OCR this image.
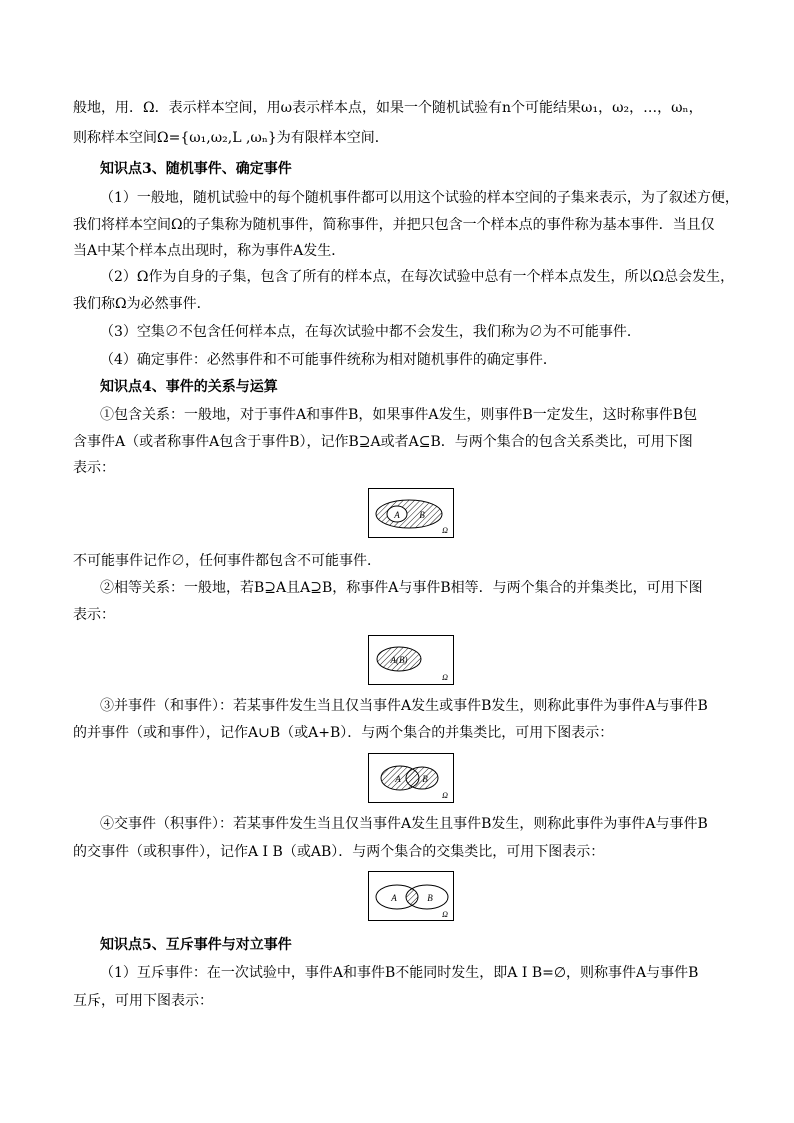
般地，用．Ω．表示样本空间，用ω表示样本点，如果一个随机试验有n个可能结果ω₁，ω₂，…，ωₙ，
则称样本空间Ω={ω₁,ω₂,L ,ωₙ}为有限样本空间．
知识点3、随机事件、确定事件
（1）一般地，随机试验中的每个随机事件都可以用这个试验的样本空间的子集来表示，为了叙述方便，
我们将样本空间Ω的子集称为随机事件，简称事件，并把只包含一个样本点的事件称为基本事件．当且仅
当A中某个样本点出现时，称为事件A发生．
（2）Ω作为自身的子集，包含了所有的样本点，在每次试验中总有一个样本点发生，所以Ω总会发生，
我们称Ω为必然事件．
（3）空集∅不包含任何样本点，在每次试验中都不会发生，我们称为∅为不可能事件．
（4）确定事件：必然事件和不可能事件统称为相对随机事件的确定事件．
知识点4、事件的关系与运算
①包含关系：一般地，对于事件A和事件B，如果事件A发生，则事件B一定发生，这时称事件B包
含事件A（或者称事件A包含于事件B），记作B⊇A或者A⊆B．与两个集合的包含关系类比，可用下图
表示：
A B
Ω
不可能事件记作∅，任何事件都包含不可能事件．
②相等关系：一般地，若B⊇A且A⊇B，称事件A与事件B相等．与两个集合的并集类比，可用下图
表示：
A(B)
Ω
③并事件（和事件）：若某事件发生当且仅当事件A发生或事件B发生，则称此事件为事件A与事件B
的并事件（或和事件），记作A∪B（或A+B）．与两个集合的并集类比，可用下图表示：
A B
Ω
④交事件（积事件）：若某事件发生当且仅当事件A发生且事件B发生，则称此事件为事件A与事件B
的交事件（或积事件），记作A I B（或AB）．与两个集合的交集类比，可用下图表示：
A	B
Ω
知识点5、互斥事件与对立事件
（1）互斥事件：在一次试验中，事件A和事件B不能同时发生，即A I B=∅，则称事件A与事件B
互斥，可用下图表示：
